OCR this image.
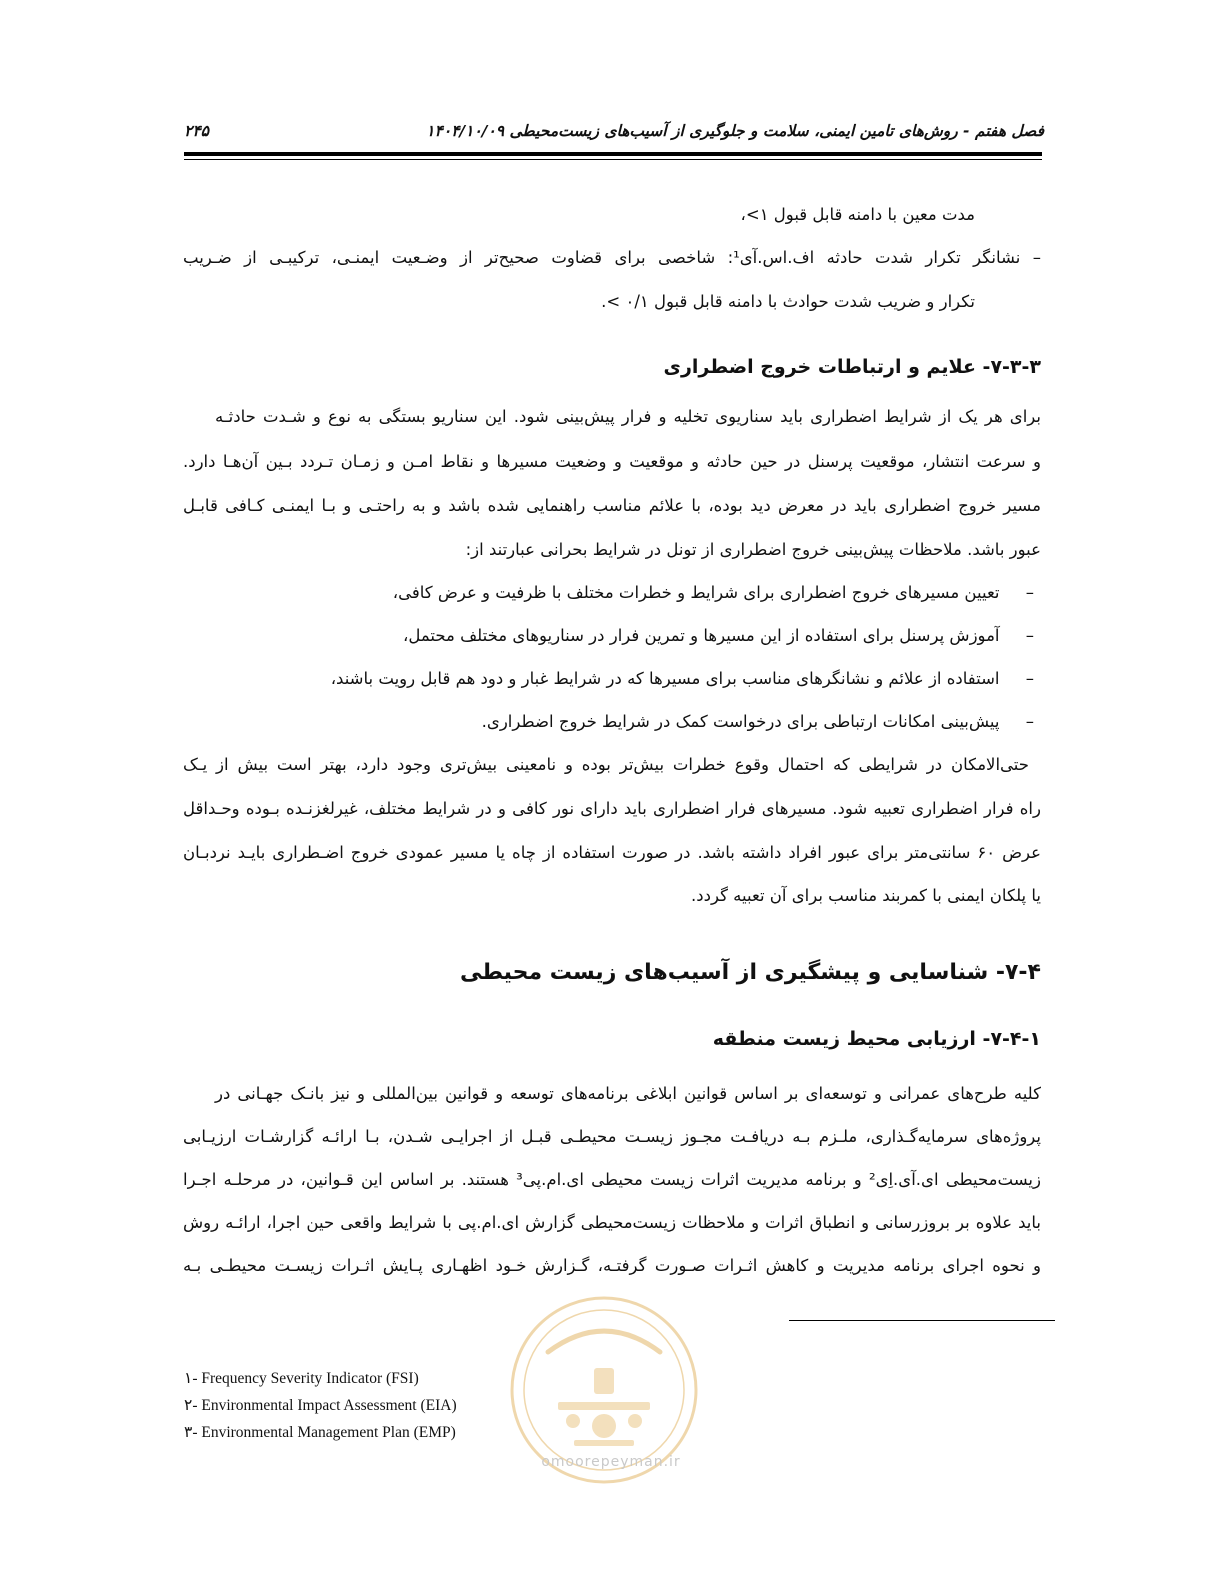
فصل هفتم - روش‌های تامین ایمنی، سلامت و جلوگیری از آسیب‌های زیست‌محیطی ۱۴۰۴/۱۰/۰۹
۲۴۵
مدت معین با دامنه قابل قبول ۱>،
– نشانگر تکرار شدت حادثه اف.اس.آی¹: شاخصی برای قضاوت صحیح‌تر از وضـعیت ایمنـی، ترکیبـی از ضـریب
تکرار و ضریب شدت حوادث با دامنه قابل قبول ۰/۱ >.
۷-۳-۳- علایم و ارتباطات خروج اضطراری
برای هر یک از شرایط اضطراری باید سناریوی تخلیه و فرار پیش‌بینی شود. این سناریو بستگی به نوع و شـدت حادثـه
و سرعت انتشار، موقعیت پرسنل در حین حادثه و موقعیت و وضعیت مسیرها و نقاط امـن و زمـان تـردد بـین آن‌هـا دارد.
مسیر خروج اضطراری باید در معرض دید بوده، با علائم مناسب راهنمایی شده باشد و به راحتـی و بـا ایمنـی کـافی قابـل
عبور باشد. ملاحظات پیش‌بینی خروج اضطراری از تونل در شرایط بحرانی عبارتند از:
–  تعیین مسیرهای خروج اضطراری برای شرایط و خطرات مختلف با ظرفیت و عرض کافی،
–  آموزش پرسنل برای استفاده از این مسیرها و تمرین فرار در سناریوهای مختلف محتمل،
–  استفاده از علائم و نشانگرهای مناسب برای مسیرها که در شرایط غبار و دود هم قابل رویت باشند،
–  پیش‌بینی امکانات ارتباطی برای درخواست کمک در شرایط خروج اضطراری.
حتی‌الامکان در شرایطی که احتمال وقوع خطرات بیش‌تر بوده و نامعینی بیش‌تری وجود دارد، بهتر است بیش از یـک
راه فرار اضطراری تعبیه شود. مسیرهای فرار اضطراری باید دارای نور کافی و در شرایط مختلف، غیرلغزنـده بـوده وحـداقل
عرض ۶۰ سانتی‌متر برای عبور افراد داشته باشد. در صورت استفاده از چاه یا مسیر عمودی خروج اضـطراری بایـد نردبـان
یا پلکان ایمنی با کمربند مناسب برای آن تعبیه گردد.
۷-۴- شناسایی و پیشگیری از آسیب‌های زیست محیطی
۷-۴-۱- ارزیابی محیط زیست منطقه
کلیه طرح‌های عمرانی و توسعه‌ای بر اساس قوانین ابلاغی برنامه‌های توسعه و قوانین بین‌المللی و نیز بانـک جهـانی در
پروژه‌های سرمایه‌گـذاری، ملـزم بـه دریافـت مجـوز زیسـت محیطـی قبـل از اجرایـی شـدن، بـا ارائـه گزارشـات ارزیـابی
زیست‌محیطی ای.آی.اِی² و برنامه مدیریت اثرات زیست محیطی ای.ام.پی³ هستند. بر اساس این قـوانین، در مرحلـه اجـرا
باید علاوه بر بروزرسانی و انطباق اثرات و ملاحظات زیست‌محیطی گزارش ای.ام.پی با شرایط واقعی حین اجرا، ارائـه روش
و نحوه اجرای برنامه مدیریت و کاهش اثـرات صـورت گرفتـه، گـزارش خـود اظهـاری پـایش اثـرات زیسـت محیطـی بـه
omoorepeyman.ir
۱- Frequency Severity Indicator (FSI)
۲- Environmental Impact Assessment (EIA)
۳- Environmental Management Plan (EMP)
